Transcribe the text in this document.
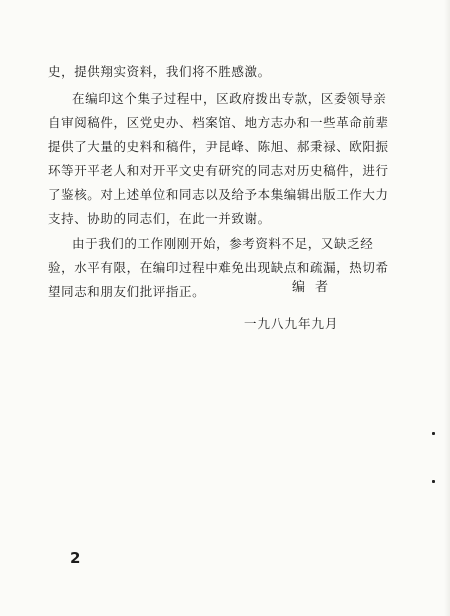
史，提供翔实资料，我们将不胜感激。
在编印这个集子过程中，区政府拨出专款，区委领导亲
自审阅稿件，区党史办、档案馆、地方志办和一些革命前辈
提供了大量的史料和稿件，尹昆峰、陈旭、郝秉禄、欧阳振
环等开平老人和对开平文史有研究的同志对历史稿件，进行
了鉴核。对上述单位和同志以及给予本集编辑出版工作大力
支持、协助的同志们，在此一并致谢。
由于我们的工作刚刚开始，参考资料不足，又缺乏经
验，水平有限，在编印过程中难免出现缺点和疏漏，热切希
望同志和朋友们批评指正。	编者
一九八九年九月
2
